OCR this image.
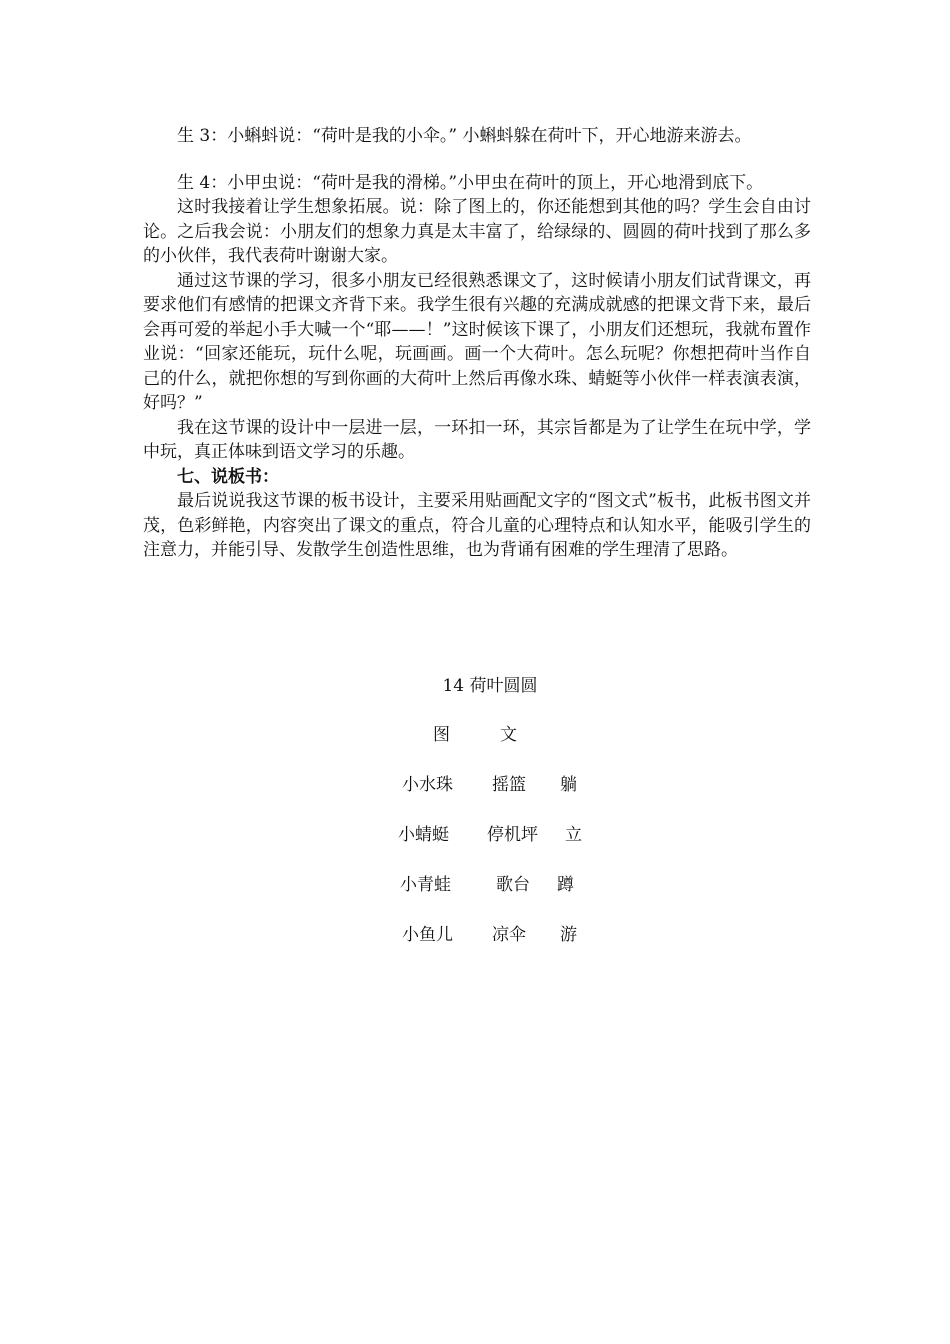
生 3：小蝌蚪说：“荷叶是我的小伞。” 小蝌蚪躲在荷叶下，开心地游来游去。

生 4：小甲虫说：“荷叶是我的滑梯。”小甲虫在荷叶的顶上，开心地滑到底下。

这时我接着让学生想象拓展。说：除了图上的，你还能想到其他的吗？学生会自由讨论。之后我会说：小朋友们的想象力真是太丰富了，给绿绿的、圆圆的荷叶找到了那么多的小伙伴，我代表荷叶谢谢大家。

通过这节课的学习，很多小朋友已经很熟悉课文了，这时候请小朋友们试背课文，再要求他们有感情的把课文齐背下来。我学生很有兴趣的充满成就感的把课文背下来，最后会再可爱的举起小手大喊一个“耶——！”这时候该下课了，小朋友们还想玩，我就布置作业说：“回家还能玩，玩什么呢，玩画画。画一个大荷叶。怎么玩呢？你想把荷叶当作自己的什么，就把你想的写到你画的大荷叶上然后再像水珠、蜻蜓等小伙伴一样表演表演，好吗？”

我在这节课的设计中一层进一层，一环扣一环，其宗旨都是为了让学生在玩中学，学中玩，真正体味到语文学习的乐趣。

七、说板书：

最后说说我这节课的板书设计，主要采用贴画配文字的“图文式”板书，此板书图文并茂，色彩鲜艳，内容突出了课文的重点，符合儿童的心理特点和认知水平，能吸引学生的注意力，并能引导、发散学生创造性思维，也为背诵有困难的学生理清了思路。

14 荷叶圆圆
图	文
小水珠 摇篮 躺
小蜻蜓 停机坪 立
小青蛙	歌台 蹲
小鱼儿 凉伞 游
